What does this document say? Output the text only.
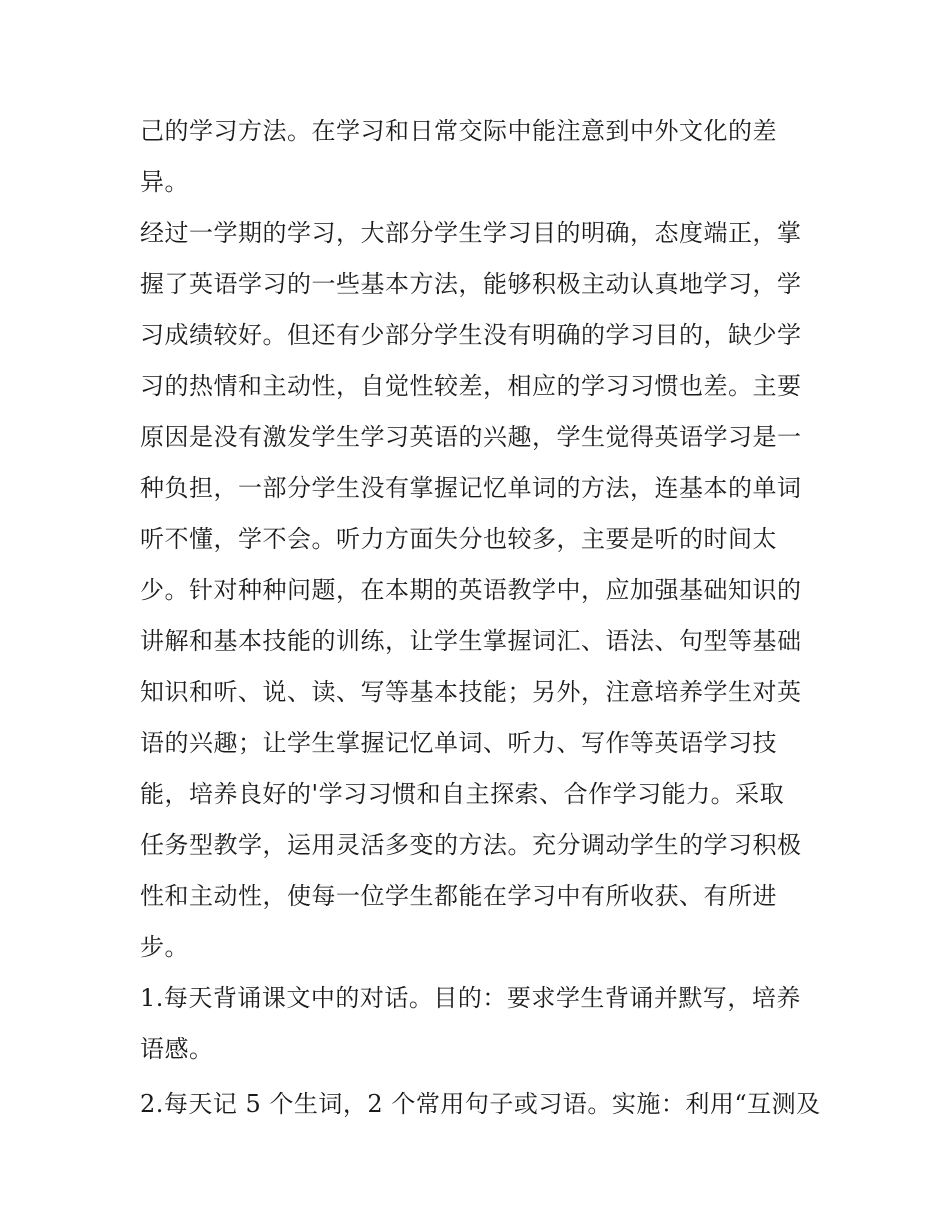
己的学习方法。在学习和日常交际中能注意到中外文化的差
异。
经过一学期的学习，大部分学生学习目的明确，态度端正，掌
握了英语学习的一些基本方法，能够积极主动认真地学习，学
习成绩较好。但还有少部分学生没有明确的学习目的，缺少学
习的热情和主动性，自觉性较差，相应的学习习惯也差。主要
原因是没有激发学生学习英语的兴趣，学生觉得英语学习是一
种负担，一部分学生没有掌握记忆单词的方法，连基本的单词
听不懂，学不会。听力方面失分也较多，主要是听的时间太
少。针对种种问题，在本期的英语教学中，应加强基础知识的
讲解和基本技能的训练，让学生掌握词汇、语法、句型等基础
知识和听、说、读、写等基本技能；另外，注意培养学生对英
语的兴趣；让学生掌握记忆单词、听力、写作等英语学习技
能，培养良好的'学习习惯和自主探索、合作学习能力。采取
任务型教学，运用灵活多变的方法。充分调动学生的学习积极
性和主动性，使每一位学生都能在学习中有所收获、有所进
步。
1.每天背诵课文中的对话。目的：要求学生背诵并默写，培养
语感。
2.每天记 5 个生词，2 个常用句子或习语。实施：利用“互测及
